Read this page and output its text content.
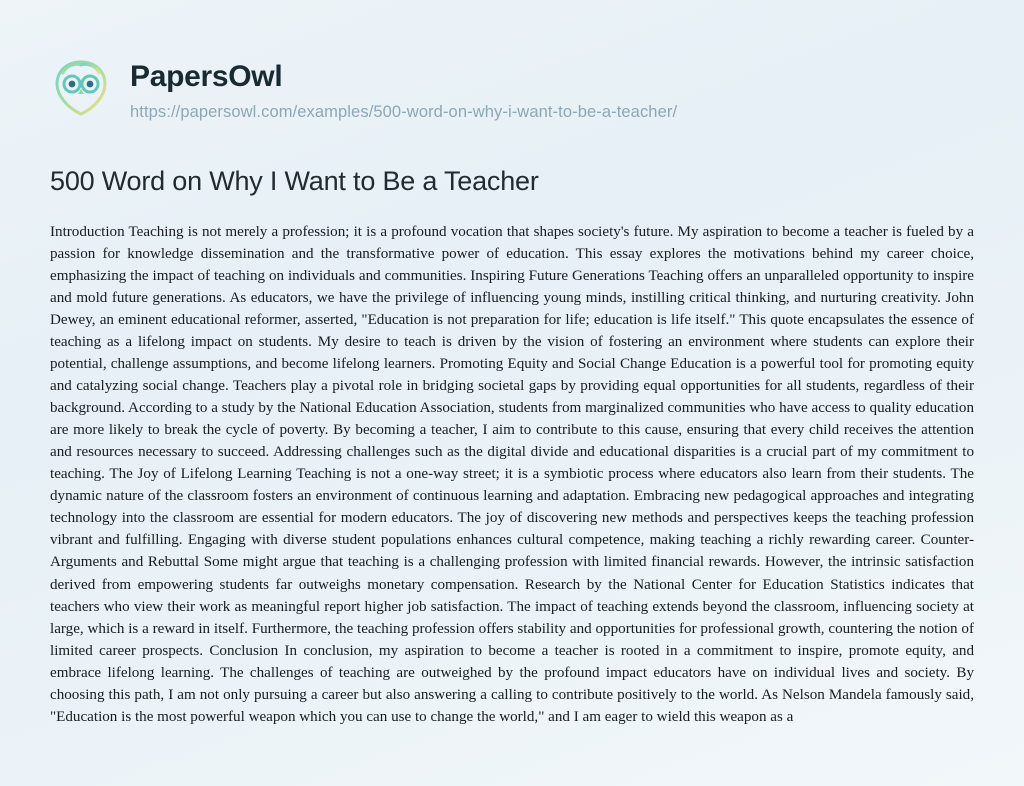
PapersOwl
https://papersowl.com/examples/500-word-on-why-i-want-to-be-a-teacher/
500 Word on Why I Want to Be a Teacher
Introduction Teaching is not merely a profession; it is a profound vocation that shapes society's future. My aspiration to become a teacher is fueled by a passion for knowledge dissemination and the transformative power of education. This essay explores the motivations behind my career choice, emphasizing the impact of teaching on individuals and communities. Inspiring Future Generations Teaching offers an unparalleled opportunity to inspire and mold future generations. As educators, we have the privilege of influencing young minds, instilling critical thinking, and nurturing creativity. John Dewey, an eminent educational reformer, asserted, "Education is not preparation for life; education is life itself." This quote encapsulates the essence of teaching as a lifelong impact on students. My desire to teach is driven by the vision of fostering an environment where students can explore their potential, challenge assumptions, and become lifelong learners. Promoting Equity and Social Change Education is a powerful tool for promoting equity and catalyzing social change. Teachers play a pivotal role in bridging societal gaps by providing equal opportunities for all students, regardless of their background. According to a study by the National Education Association, students from marginalized communities who have access to quality education are more likely to break the cycle of poverty. By becoming a teacher, I aim to contribute to this cause, ensuring that every child receives the attention and resources necessary to succeed. Addressing challenges such as the digital divide and educational disparities is a crucial part of my commitment to teaching. The Joy of Lifelong Learning Teaching is not a one-way street; it is a symbiotic process where educators also learn from their students. The dynamic nature of the classroom fosters an environment of continuous learning and adaptation. Embracing new pedagogical approaches and integrating technology into the classroom are essential for modern educators. The joy of discovering new methods and perspectives keeps the teaching profession vibrant and fulfilling. Engaging with diverse student populations enhances cultural competence, making teaching a richly rewarding career. Counter-Arguments and Rebuttal Some might argue that teaching is a challenging profession with limited financial rewards. However, the intrinsic satisfaction derived from empowering students far outweighs monetary compensation. Research by the National Center for Education Statistics indicates that teachers who view their work as meaningful report higher job satisfaction. The impact of teaching extends beyond the classroom, influencing society at large, which is a reward in itself. Furthermore, the teaching profession offers stability and opportunities for professional growth, countering the notion of limited career prospects. Conclusion In conclusion, my aspiration to become a teacher is rooted in a commitment to inspire, promote equity, and embrace lifelong learning. The challenges of teaching are outweighed by the profound impact educators have on individual lives and society. By choosing this path, I am not only pursuing a career but also answering a calling to contribute positively to the world. As Nelson Mandela famously said, "Education is the most powerful weapon which you can use to change the world," and I am eager to wield this weapon as a
